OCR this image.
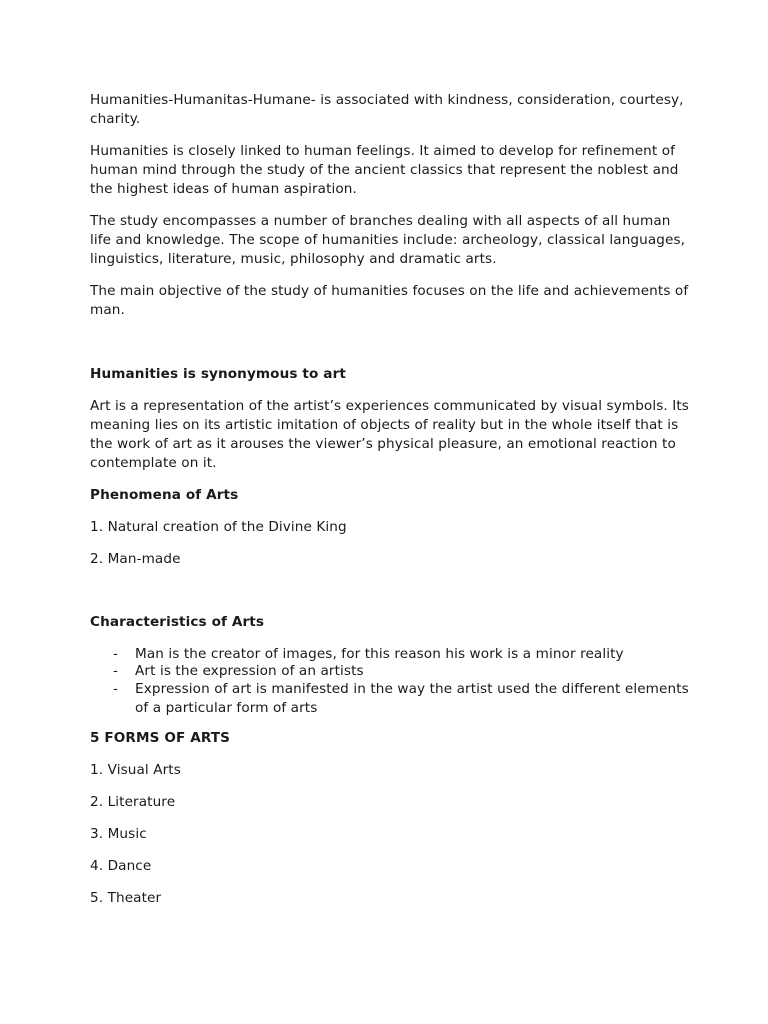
Humanities-Humanitas-Humane- is associated with kindness, consideration, courtesy, charity.

Humanities is closely linked to human feelings. It aimed to develop for refinement of human mind through the study of the ancient classics that represent the noblest and the highest ideas of human aspiration.

The study encompasses a number of branches dealing with all aspects of all human life and knowledge. The scope of humanities include: archeology, classical languages, linguistics, literature, music, philosophy and dramatic arts.

The main objective of the study of humanities focuses on the life and achievements of man.

Humanities is synonymous to art

Art is a representation of the artist’s experiences communicated by visual symbols. Its meaning lies on its artistic imitation of objects of reality but in the whole itself that is the work of art as it arouses the viewer’s physical pleasure, an emotional reaction to contemplate on it.

Phenomena of Arts

1. Natural creation of the Divine King

2. Man-made

Characteristics of Arts

- Man is the creator of images, for this reason his work is a minor reality
- Art is the expression of an artists
- Expression of art is manifested in the way the artist used the different elements of a particular form of arts

5 FORMS OF ARTS

1. Visual Arts

2. Literature

3. Music

4. Dance

5. Theater
